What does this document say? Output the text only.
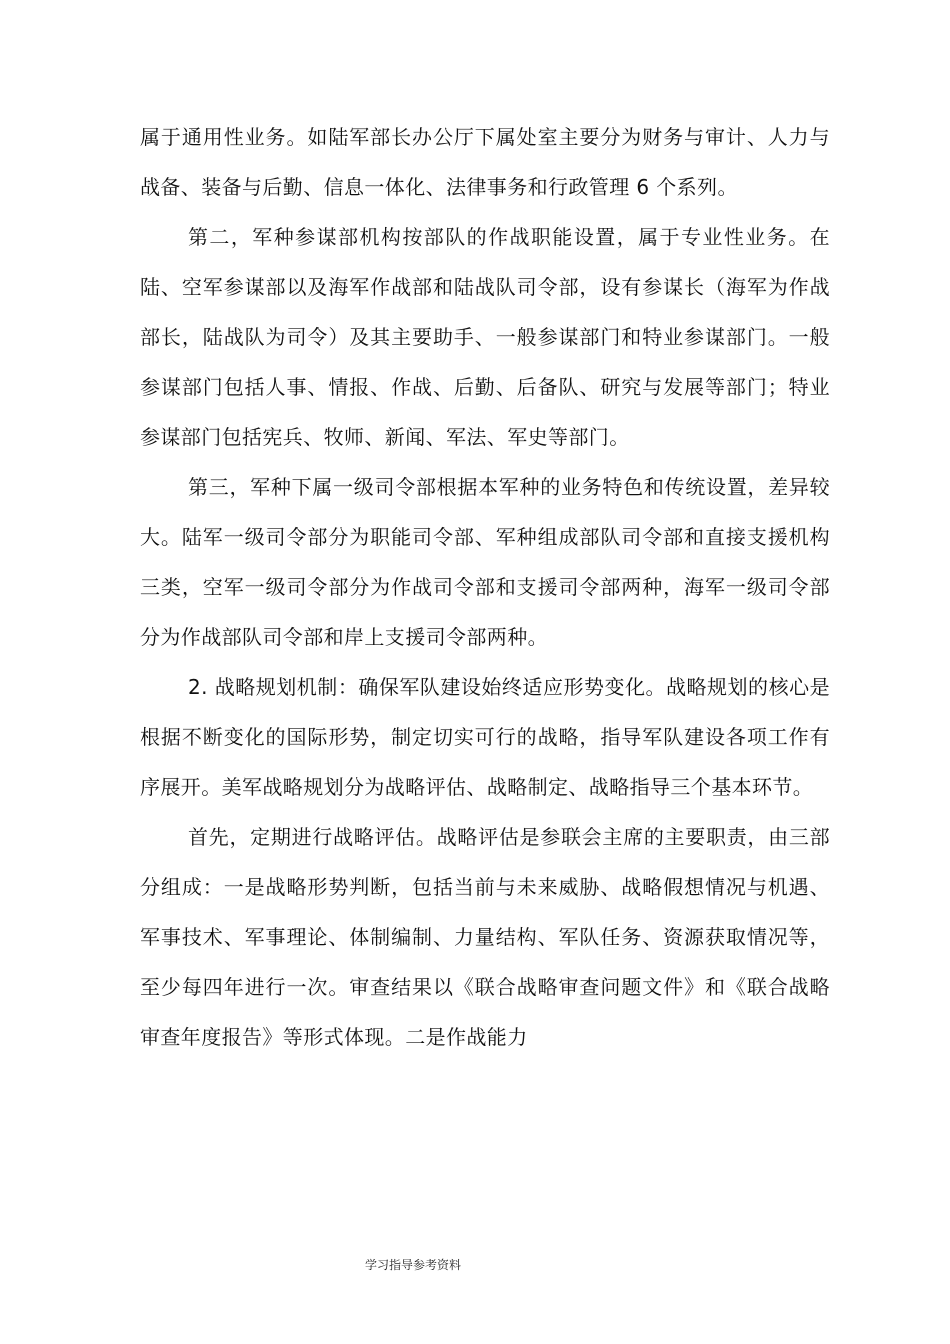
属于通用性业务。如陆军部长办公厅下属处室主要分为财务与审计、人力与战备、装备与后勤、信息一体化、法律事务和行政管理 6 个系列。

第二，军种参谋部机构按部队的作战职能设置，属于专业性业务。在陆、空军参谋部以及海军作战部和陆战队司令部，设有参谋长（海军为作战部长，陆战队为司令）及其主要助手、一般参谋部门和特业参谋部门。一般参谋部门包括人事、情报、作战、后勤、后备队、研究与发展等部门；特业参谋部门包括宪兵、牧师、新闻、军法、军史等部门。

第三，军种下属一级司令部根据本军种的业务特色和传统设置，差异较大。陆军一级司令部分为职能司令部、军种组成部队司令部和直接支援机构三类，空军一级司令部分为作战司令部和支援司令部两种，海军一级司令部分为作战部队司令部和岸上支援司令部两种。

2. 战略规划机制：确保军队建设始终适应形势变化。战略规划的核心是根据不断变化的国际形势，制定切实可行的战略，指导军队建设各项工作有序展开。美军战略规划分为战略评估、战略制定、战略指导三个基本环节。

首先，定期进行战略评估。战略评估是参联会主席的主要职责，由三部分组成：一是战略形势判断，包括当前与未来威胁、战略假想情况与机遇、军事技术、军事理论、体制编制、力量结构、军队任务、资源获取情况等，至少每四年进行一次。审查结果以《联合战略审查问题文件》和《联合战略审查年度报告》等形式体现。二是作战能力

学习指导参考资料
